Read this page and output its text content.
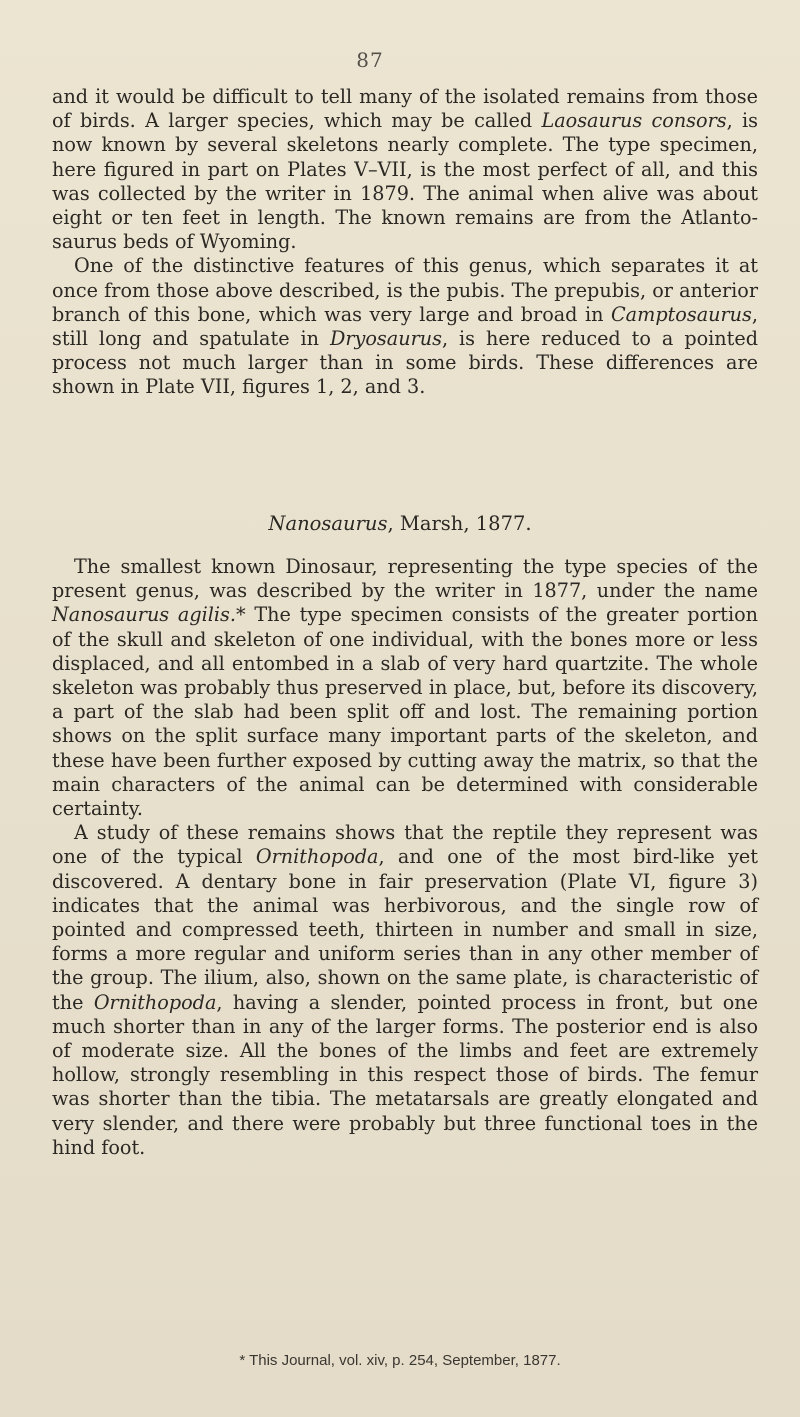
87

and it would be difficult to tell many of the isolated remains from those of birds. A larger species, which may be called Laosaurus consors, is now known by several skeletons nearly complete. The type specimen, here figured in part on Plates V–VII, is the most perfect of all, and this was collected by the writer in 1879. The animal when alive was about eight or ten feet in length. The known remains are from the Atlanto-saurus beds of Wyoming.

One of the distinctive features of this genus, which separates it at once from those above described, is the pubis. The prepubis, or anterior branch of this bone, which was very large and broad in Camptosaurus, still long and spatulate in Dryosaurus, is here reduced to a pointed process not much larger than in some birds. These differences are shown in Plate VII, figures 1, 2, and 3.

Nanosaurus, Marsh, 1877.

The smallest known Dinosaur, representing the type species of the present genus, was described by the writer in 1877, under the name Nanosaurus agilis.* The type specimen consists of the greater portion of the skull and skeleton of one individual, with the bones more or less displaced, and all entombed in a slab of very hard quartzite. The whole skeleton was probably thus preserved in place, but, before its discovery, a part of the slab had been split off and lost. The remaining portion shows on the split surface many important parts of the skeleton, and these have been further exposed by cutting away the matrix, so that the main characters of the animal can be determined with considerable certainty.

A study of these remains shows that the reptile they represent was one of the typical Ornithopoda, and one of the most bird-like yet discovered. A dentary bone in fair preservation (Plate VI, figure 3) indicates that the animal was herbivorous, and the single row of pointed and compressed teeth, thirteen in number and small in size, forms a more regular and uniform series than in any other member of the group. The ilium, also, shown on the same plate, is characteristic of the Ornithopoda, having a slender, pointed process in front, but one much shorter than in any of the larger forms. The posterior end is also of moderate size. All the bones of the limbs and feet are extremely hollow, strongly resembling in this respect those of birds. The femur was shorter than the tibia. The metatarsals are greatly elongated and very slender, and there were probably but three functional toes in the hind foot.

* This Journal, vol. xiv, p. 254, September, 1877.
